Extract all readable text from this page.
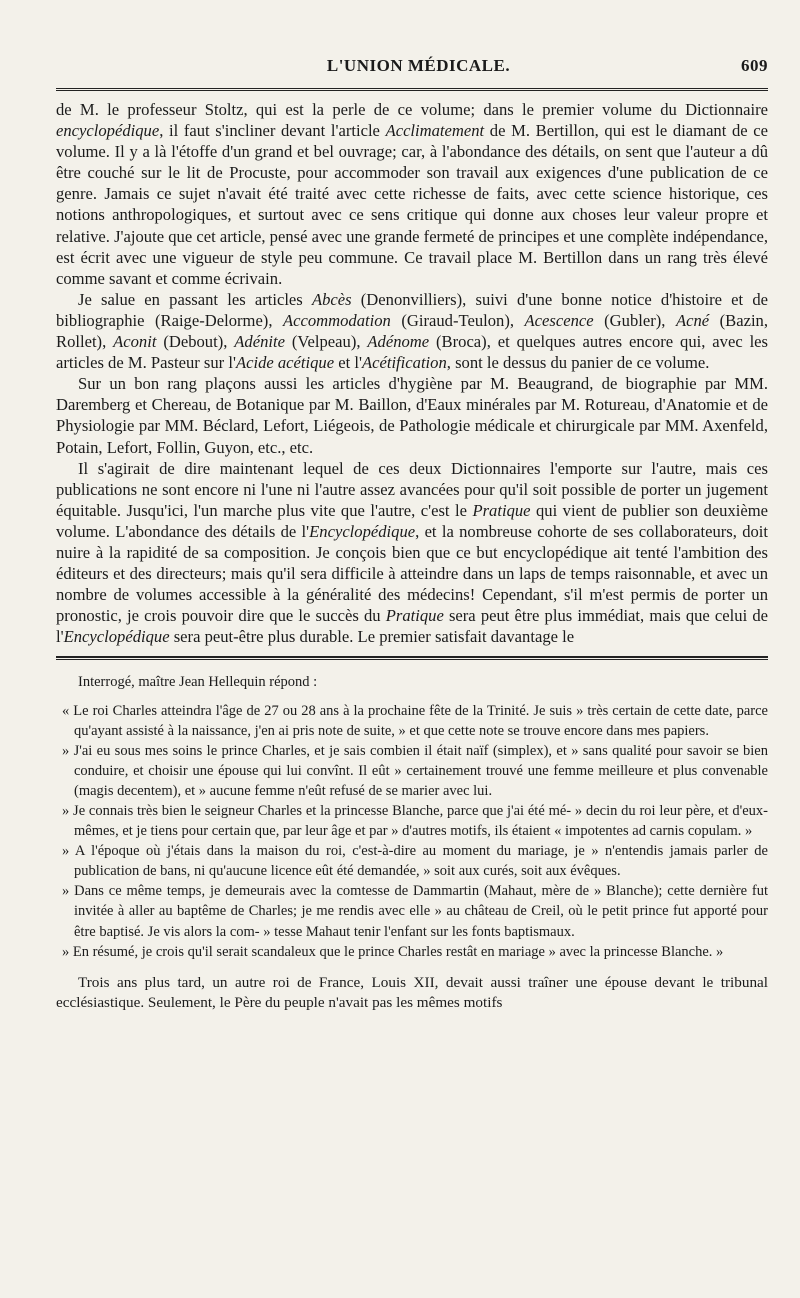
L'UNION MÉDICALE.	609

de M. le professeur Stoltz, qui est la perle de ce volume; dans le premier volume du Dictionnaire encyclopédique, il faut s'incliner devant l'article Acclimatement de M. Bertillon, qui est le diamant de ce volume. Il y a là l'étoffe d'un grand et bel ouvrage; car, à l'abondance des détails, on sent que l'auteur a dû être couché sur le lit de Procuste, pour accommoder son travail aux exigences d'une publication de ce genre. Jamais ce sujet n'avait été traité avec cette richesse de faits, avec cette science historique, ces notions anthropologiques, et surtout avec ce sens critique qui donne aux choses leur valeur propre et relative. J'ajoute que cet article, pensé avec une grande fermeté de principes et une complète indépendance, est écrit avec une vigueur de style peu commune. Ce travail place M. Bertillon dans un rang très élevé comme savant et comme écrivain.

Je salue en passant les articles Abcès (Denonvilliers), suivi d'une bonne notice d'histoire et de bibliographie (Raige-Delorme), Accommodation (Giraud-Teulon), Acescence (Gubler), Acné (Bazin, Rollet), Aconit (Debout), Adénite (Velpeau), Adénome (Broca), et quelques autres encore qui, avec les articles de M. Pasteur sur l'Acide acétique et l'Acétification, sont le dessus du panier de ce volume.

Sur un bon rang plaçons aussi les articles d'hygiène par M. Beaugrand, de biographie par MM. Daremberg et Chereau, de Botanique par M. Baillon, d'Eaux minérales par M. Rotureau, d'Anatomie et de Physiologie par MM. Béclard, Lefort, Liégeois, de Pathologie médicale et chirurgicale par MM. Axenfeld, Potain, Lefort, Follin, Guyon, etc., etc.

Il s'agirait de dire maintenant lequel de ces deux Dictionnaires l'emporte sur l'autre, mais ces publications ne sont encore ni l'une ni l'autre assez avancées pour qu'il soit possible de porter un jugement équitable. Jusqu'ici, l'un marche plus vite que l'autre, c'est le Pratique qui vient de publier son deuxième volume. L'abondance des détails de l'Encyclopédique, et la nombreuse cohorte de ses collaborateurs, doit nuire à la rapidité de sa composition. Je conçois bien que ce but encyclopédique ait tenté l'ambition des éditeurs et des directeurs; mais qu'il sera difficile à atteindre dans un laps de temps raisonnable, et avec un nombre de volumes accessible à la généralité des médecins! Cependant, s'il m'est permis de porter un pronostic, je crois pouvoir dire que le succès du Pratique sera peut être plus immédiat, mais que celui de l'Encyclopédique sera peut-être plus durable. Le premier satisfait davantage le

Interrogé, maître Jean Hellequin répond :

« Le roi Charles atteindra l'âge de 27 ou 28 ans à la prochaine fête de la Trinité. Je suis » très certain de cette date, parce qu'ayant assisté à la naissance, j'en ai pris note de suite, » et que cette note se trouve encore dans mes papiers.

» J'ai eu sous mes soins le prince Charles, et je sais combien il était naïf (simplex), et » sans qualité pour savoir se bien conduire, et choisir une épouse qui lui convînt. Il eût » certainement trouvé une femme meilleure et plus convenable (magis decentem), et » aucune femme n'eût refusé de se marier avec lui.

» Je connais très bien le seigneur Charles et la princesse Blanche, parce que j'ai été mé- » decin du roi leur père, et d'eux-mêmes, et je tiens pour certain que, par leur âge et par » d'autres motifs, ils étaient « impotentes ad carnis copulam. »

» A l'époque où j'étais dans la maison du roi, c'est-à-dire au moment du mariage, je » n'entendis jamais parler de publication de bans, ni qu'aucune licence eût été demandée, » soit aux curés, soit aux évêques.

» Dans ce même temps, je demeurais avec la comtesse de Dammartin (Mahaut, mère de » Blanche); cette dernière fut invitée à aller au baptême de Charles; je me rendis avec elle » au château de Creil, où le petit prince fut apporté pour être baptisé. Je vis alors la com- » tesse Mahaut tenir l'enfant sur les fonts baptismaux.

» En résumé, je crois qu'il serait scandaleux que le prince Charles restât en mariage » avec la princesse Blanche. »

Trois ans plus tard, un autre roi de France, Louis XII, devait aussi traîner une épouse devant le tribunal ecclésiastique. Seulement, le Père du peuple n'avait pas les mêmes motifs
